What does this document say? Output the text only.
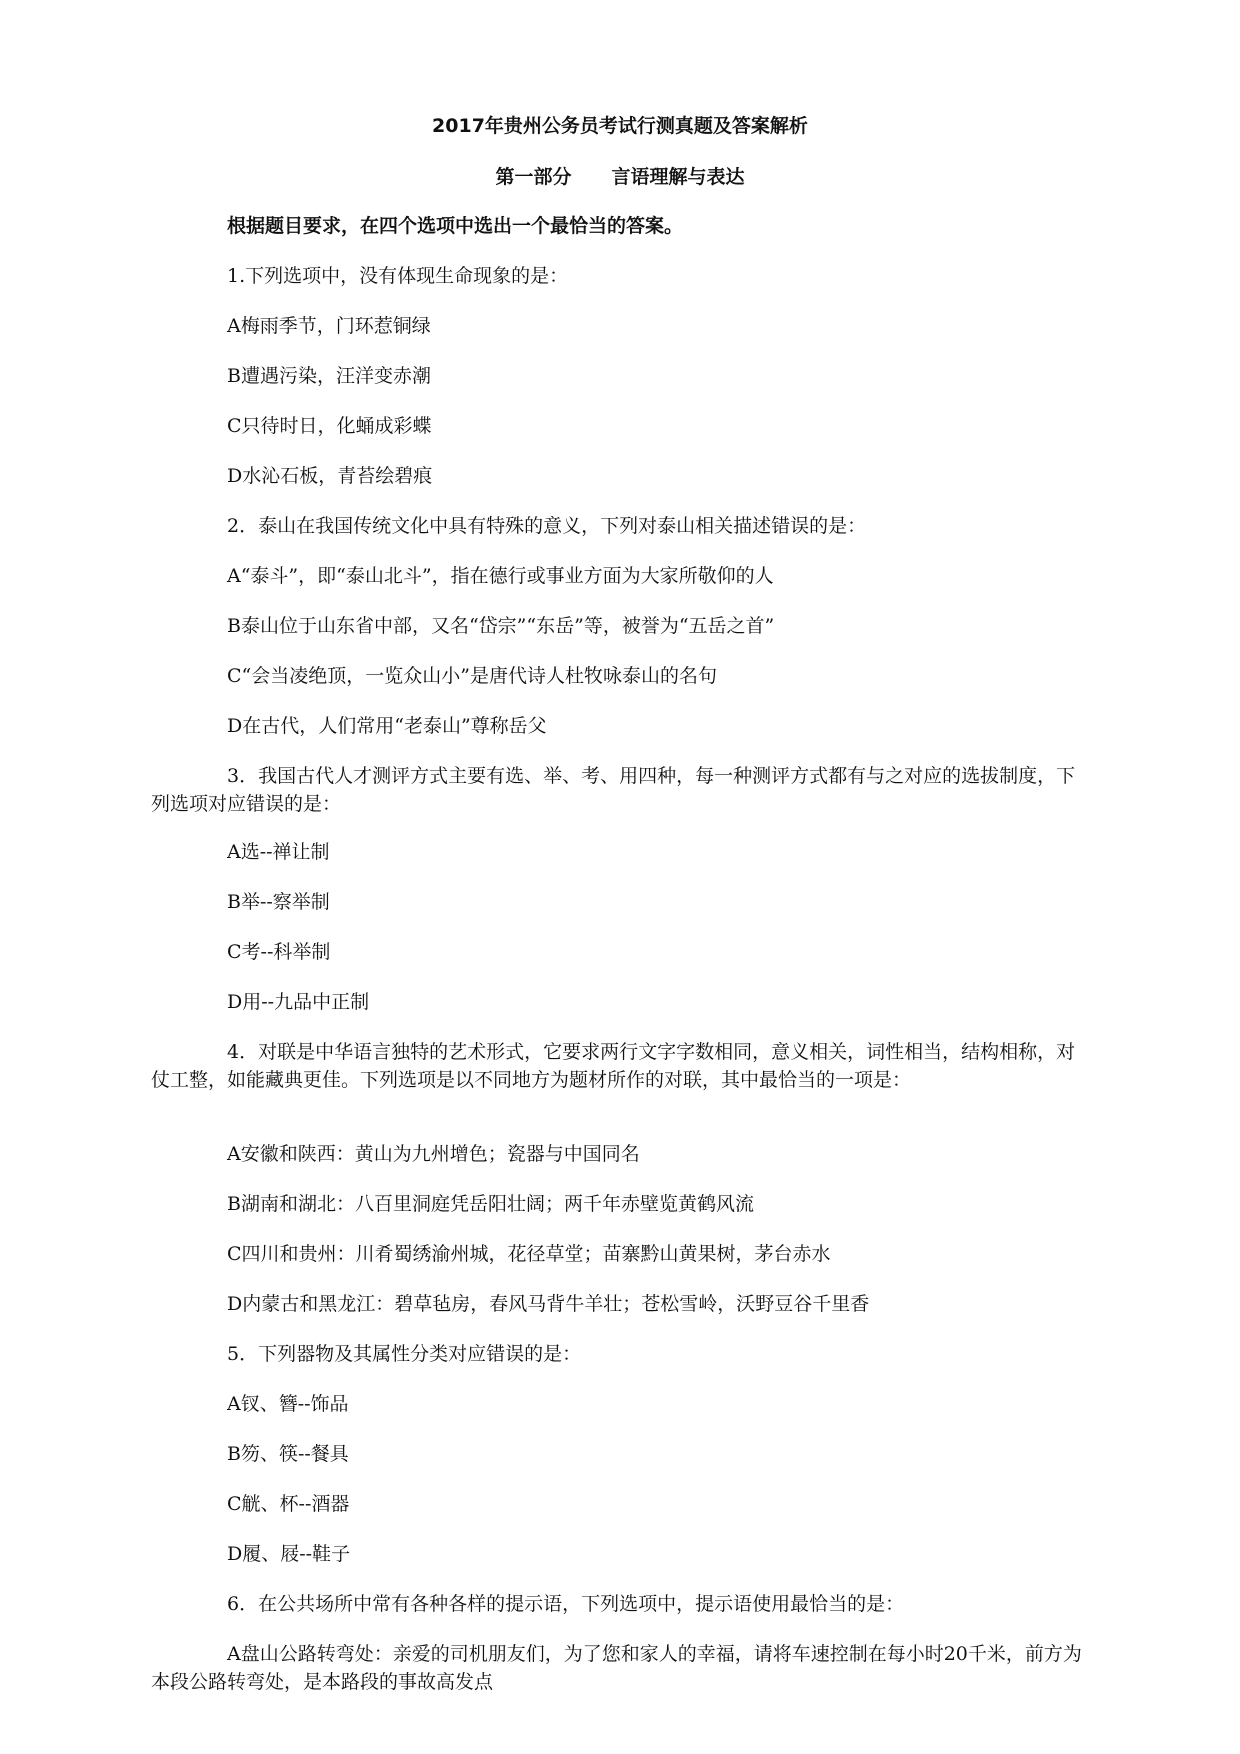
2017年贵州公务员考试行测真题及答案解析
第一部分 言语理解与表达
根据题目要求，在四个选项中选出一个最恰当的答案。
1.下列选项中，没有体现生命现象的是：
A梅雨季节，门环惹铜绿
B遭遇污染，汪洋变赤潮
C只待时日，化蛹成彩蝶
D水沁石板，青苔绘碧痕
2．泰山在我国传统文化中具有特殊的意义，下列对泰山相关描述错误的是：
A“泰斗”，即“泰山北斗”，指在德行或事业方面为大家所敬仰的人
B泰山位于山东省中部，又名“岱宗”“东岳”等，被誉为“五岳之首”
C“会当凌绝顶，一览众山小”是唐代诗人杜牧咏泰山的名句
D在古代，人们常用“老泰山”尊称岳父
3．我国古代人才测评方式主要有选、举、考、用四种，每一种测评方式都有与之对应的选拔制度，下列选项对应错误的是：
A选--禅让制
B举--察举制
C考--科举制
D用--九品中正制
4．对联是中华语言独特的艺术形式，它要求两行文字字数相同，意义相关，词性相当，结构相称，对仗工整，如能藏典更佳。下列选项是以不同地方为题材所作的对联，其中最恰当的一项是：
A安徽和陕西：黄山为九州增色；瓷器与中国同名
B湖南和湖北：八百里洞庭凭岳阳壮阔；两千年赤壁览黄鹤风流
C四川和贵州：川肴蜀绣渝州城，花径草堂；苗寨黔山黄果树，茅台赤水
D内蒙古和黑龙江：碧草毡房，春风马背牛羊壮；苍松雪岭，沃野豆谷千里香
5．下列器物及其属性分类对应错误的是：
A钗、簪--饰品
B笏、筷--餐具
C觥、杯--酒器
D履、屐--鞋子
6．在公共场所中常有各种各样的提示语，下列选项中，提示语使用最恰当的是：
A盘山公路转弯处：亲爱的司机朋友们，为了您和家人的幸福，请将车速控制在每小时20千米，前方为本段公路转弯处，是本路段的事故高发点
